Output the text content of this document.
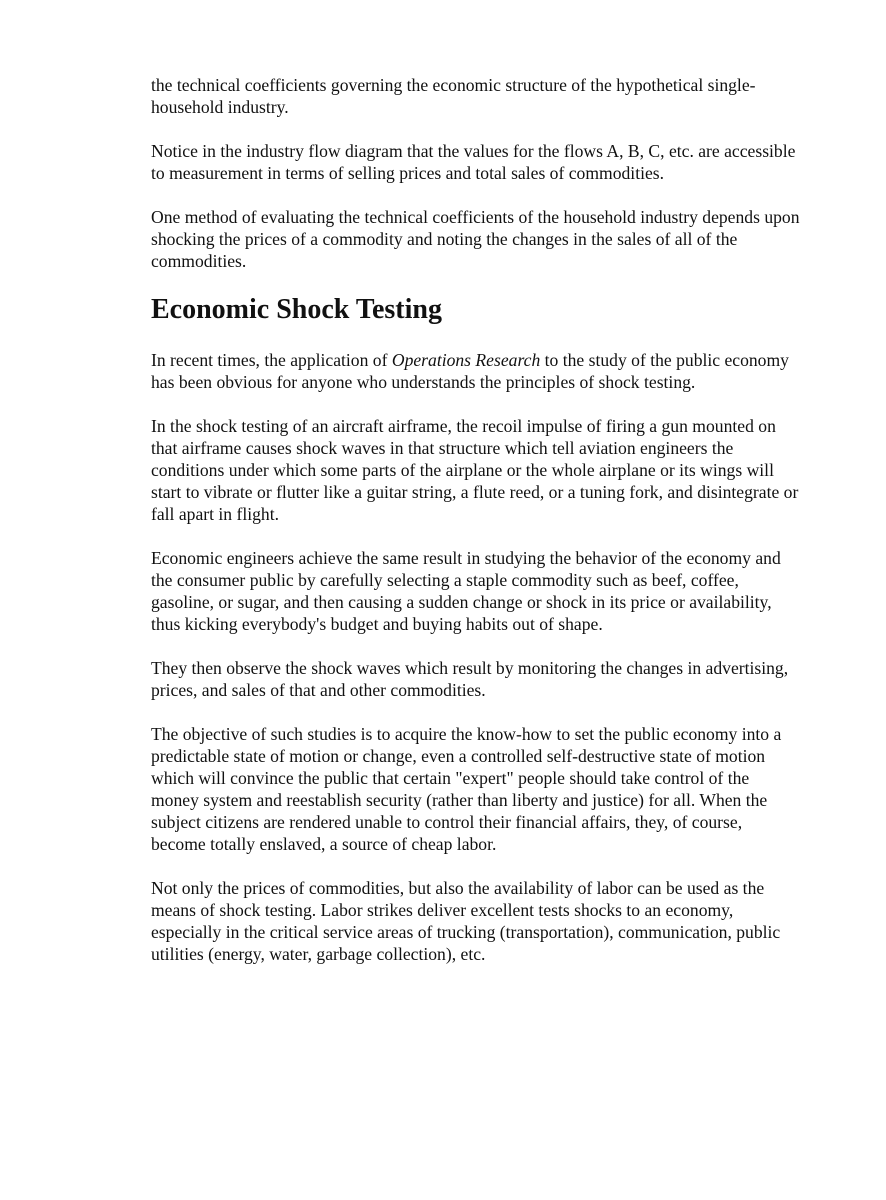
the technical coefficients governing the economic structure of the hypothetical single-household industry.

Notice in the industry flow diagram that the values for the flows A, B, C, etc. are accessible to measurement in terms of selling prices and total sales of commodities.

One method of evaluating the technical coefficients of the household industry depends upon shocking the prices of a commodity and noting the changes in the sales of all of the commodities.

Economic Shock Testing

In recent times, the application of Operations Research to the study of the public economy has been obvious for anyone who understands the principles of shock testing.

In the shock testing of an aircraft airframe, the recoil impulse of firing a gun mounted on that airframe causes shock waves in that structure which tell aviation engineers the conditions under which some parts of the airplane or the whole airplane or its wings will start to vibrate or flutter like a guitar string, a flute reed, or a tuning fork, and disintegrate or fall apart in flight.

Economic engineers achieve the same result in studying the behavior of the economy and the consumer public by carefully selecting a staple commodity such as beef, coffee, gasoline, or sugar, and then causing a sudden change or shock in its price or availability, thus kicking everybody's budget and buying habits out of shape.

They then observe the shock waves which result by monitoring the changes in advertising, prices, and sales of that and other commodities.

The objective of such studies is to acquire the know-how to set the public economy into a predictable state of motion or change, even a controlled self-destructive state of motion which will convince the public that certain "expert" people should take control of the money system and reestablish security (rather than liberty and justice) for all. When the subject citizens are rendered unable to control their financial affairs, they, of course, become totally enslaved, a source of cheap labor.

Not only the prices of commodities, but also the availability of labor can be used as the means of shock testing. Labor strikes deliver excellent tests shocks to an economy, especially in the critical service areas of trucking (transportation), communication, public utilities (energy, water, garbage collection), etc.
